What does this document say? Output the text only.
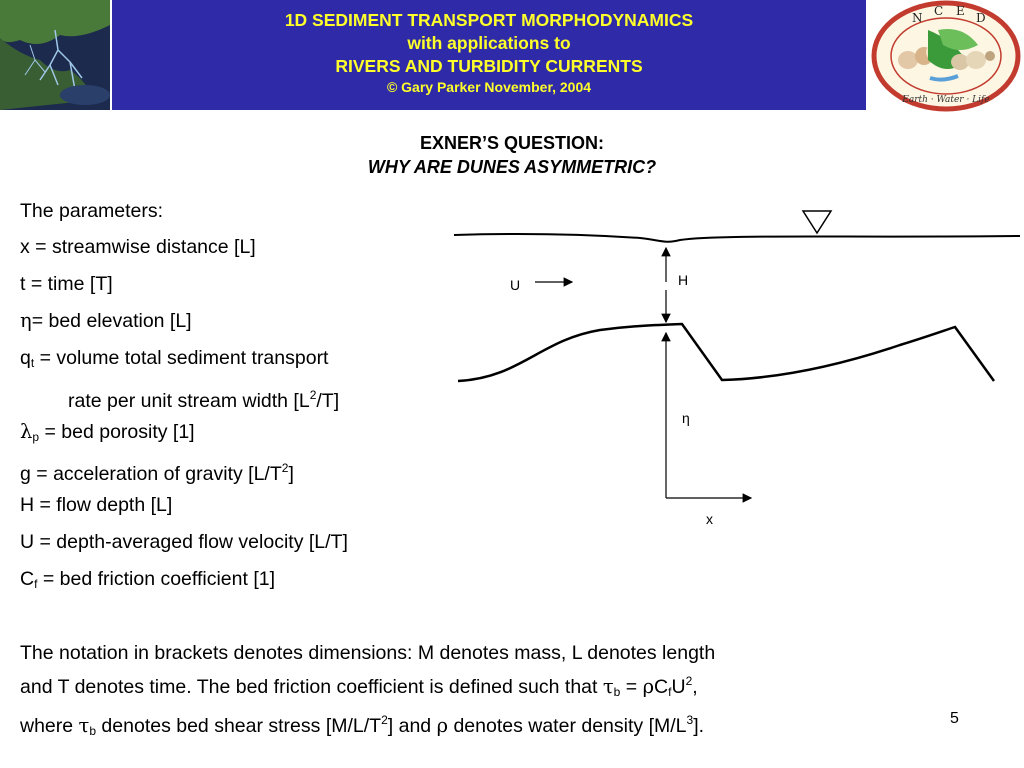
1D SEDIMENT TRANSPORT MORPHODYNAMICS
with applications to
RIVERS AND TURBIDITY CURRENTS
© Gary Parker November, 2004
N C E D
Earth · Water · Life
EXNER’S QUESTION:
WHY ARE DUNES ASYMMETRIC?
The parameters:
x = streamwise distance [L]
t = time [T]
η= bed elevation [L]
$q_t$ = volume total sediment transport
rate per unit stream width $[L^2/T]$
$\lambda_p$ = bed porosity [1]
g = acceleration of gravity $[L/T^2]$
H = flow depth [L]
U = depth-averaged flow velocity [L/T]
$C_f$ = bed friction coefficient [1]
U	H
η
x
The notation in brackets denotes dimensions: M denotes mass, L denotes length
and T denotes time. The bed friction coefficient is defined such that $\tau_b = \rho C_fU^2$,
where $\tau_b$ denotes bed shear stress $[M/L/T^2]$ and ρ denotes water density $[M/L^3]$.	5
